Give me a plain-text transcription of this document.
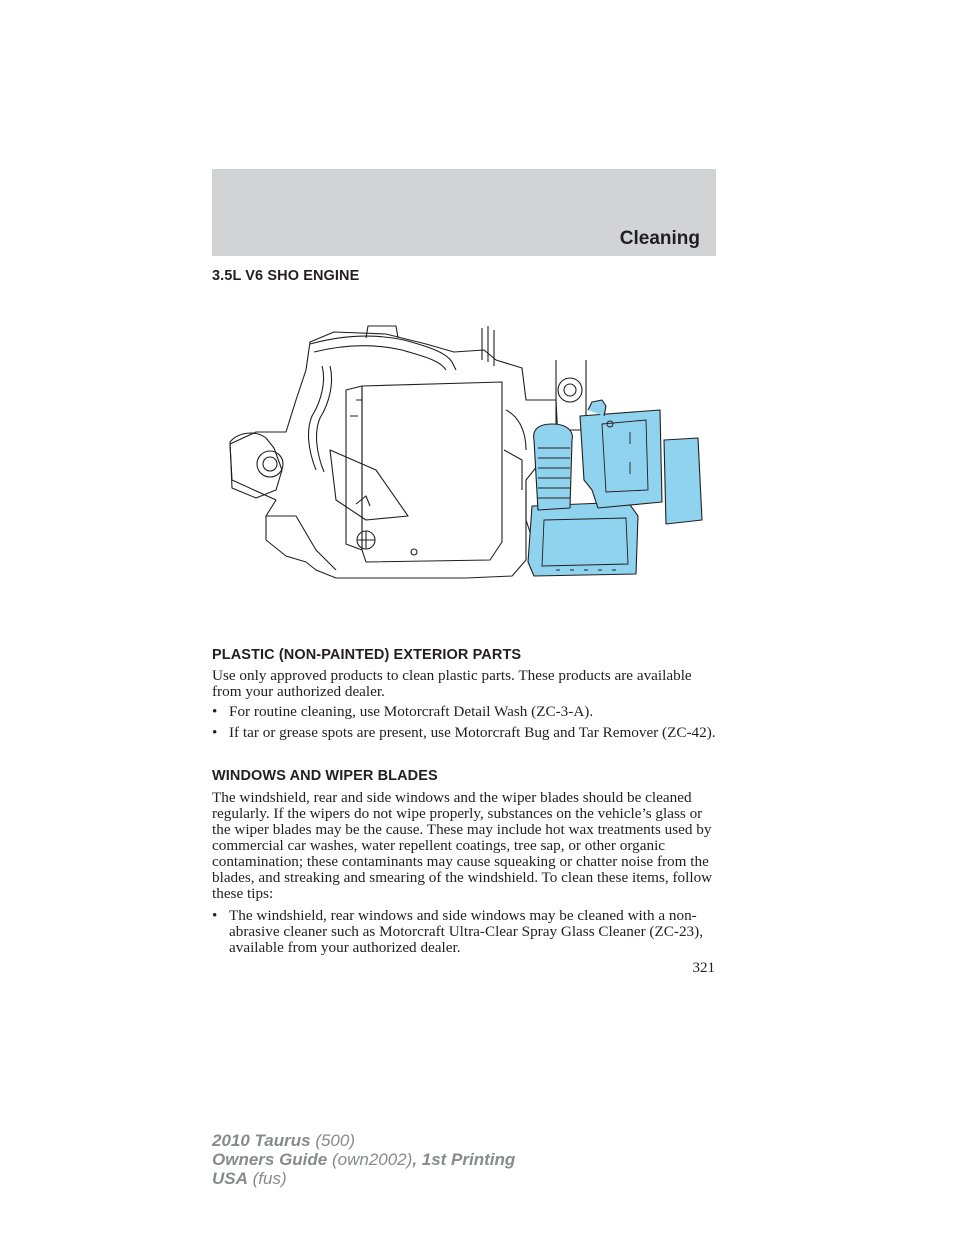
Cleaning
3.5L V6 SHO ENGINE
PLASTIC (NON-PAINTED) EXTERIOR PARTS

Use only approved products to clean plastic parts. These products are available from your authorized dealer.

• For routine cleaning, use Motorcraft Detail Wash (ZC-3-A).
• If tar or grease spots are present, use Motorcraft Bug and Tar Remover (ZC-42).
WINDOWS AND WIPER BLADES

The windshield, rear and side windows and the wiper blades should be cleaned regularly. If the wipers do not wipe properly, substances on the vehicle’s glass or the wiper blades may be the cause. These may include hot wax treatments used by commercial car washes, water repellent coatings, tree sap, or other organic contamination; these contaminants may cause squeaking or chatter noise from the blades, and streaking and smearing of the windshield. To clean these items, follow these tips:

• The windshield, rear windows and side windows may be cleaned with a non-abrasive cleaner such as Motorcraft Ultra-Clear Spray Glass Cleaner (ZC-23), available from your authorized dealer.
321
2010 Taurus (500)
Owners Guide (own2002), 1st Printing
USA (fus)
